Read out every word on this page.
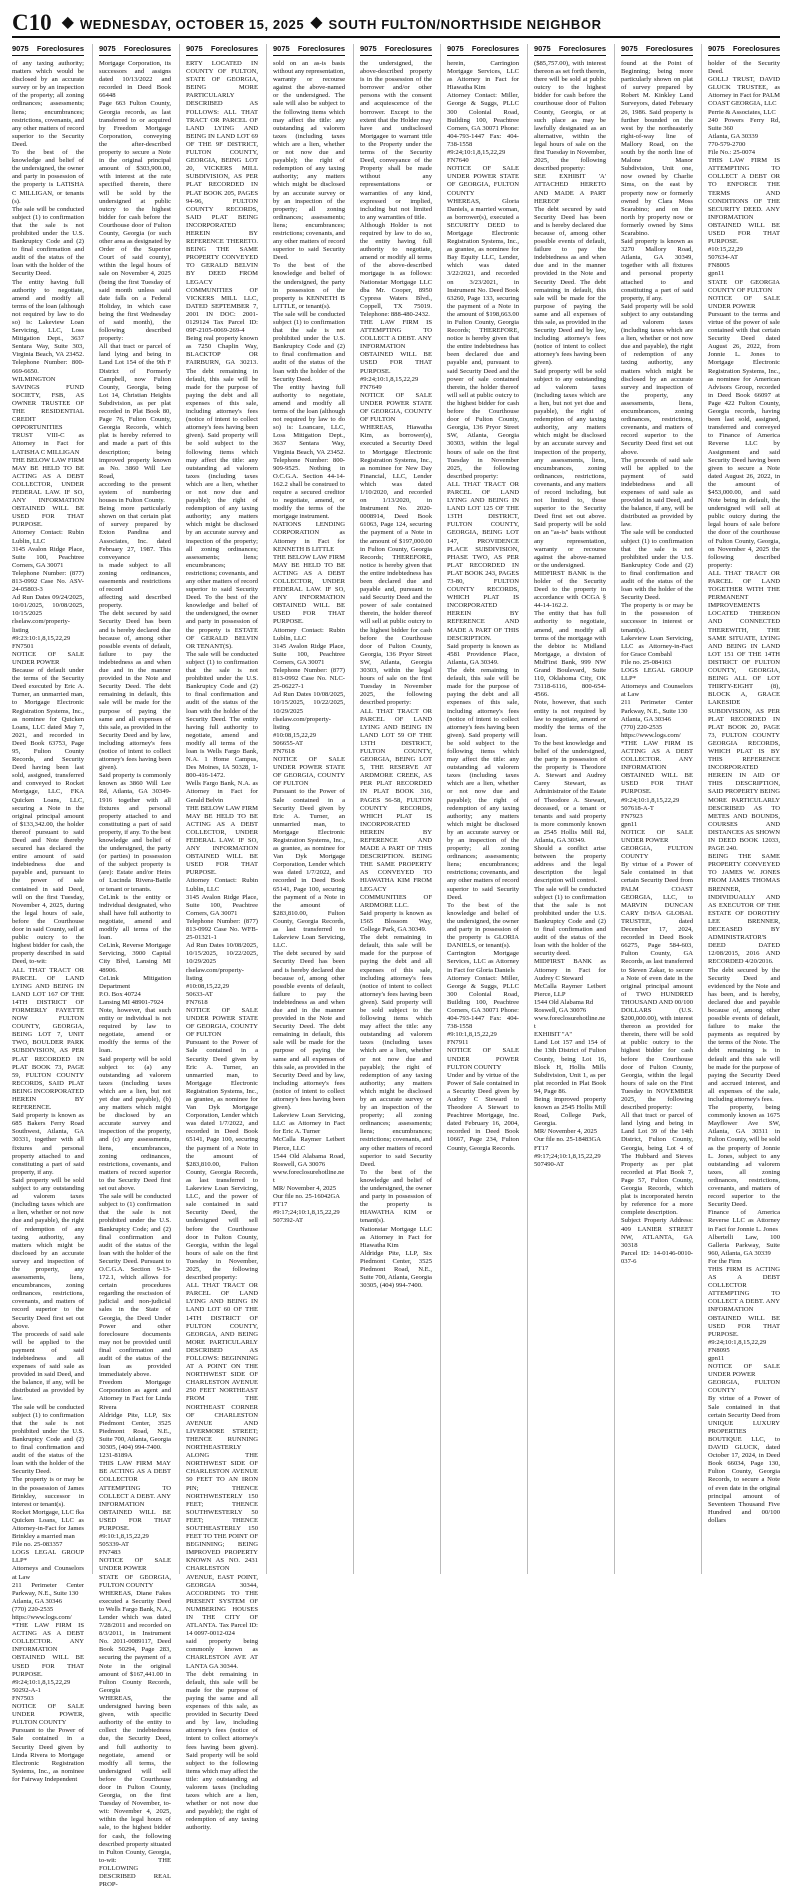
C10 ◆ WEDNESDAY, OCTOBER 15, 2025 ◆ SOUTH FULTON/NORTHSIDE NEIGHBOR
9075 Foreclosures
of any taxing authority; matters which would be disclosed by an accurate survey or by an inspection of the property; all zoning ordinances; assessments; liens; encumbrances; restrictions, covenants, and any other matters of record superior to the Security Deed.
To the best of the knowledge and belief of the undersigned, the owner and party in possession of the property is LATISHA C MILLIGAN, or tenants (s).
The sale will be conducted subject (1) to confirmation that the sale is not prohibited under the U.S. Bankruptcy Code and (2) to final confirmation and audit of the status of the loan with the holder of the Security Deed.
The entity having full authority to negotiate, amend and modify all terms of the loan (although not required by law to do so) is: Lakeview Loan Servicing, LLC, Loss Mitigation Dept., 3637 Sentara Way, Suite 303, Virginia Beach, VA 23452. Telephone Number: 800-669-6650.
WILMINGTON SAVINGS FUND SOCIETY, FSB, AS OWNER TRUSTEE OF THE RESIDENTIAL CREDIT OPPORTUNITIES TRUST VIII-C as Attorney in Fact for LATISHA C MILLIGAN
THE BELOW LAW FIRM MAY BE HELD TO BE ACTING AS A DEBT COLLECTOR, UNDER FEDERAL LAW. IF SO, ANY INFORMATION OBTAINED WILL BE USED FOR THAT PURPOSE.
Attorney Contact: Rubin Lublin, LLC
3145 Avalon Ridge Place, Suite 100, Peachtree Corners, GA 30071
Telephone Number: (877) 813-0992 Case No. ASV-24-05803-3
Ad Run Dates 09/24/2025, 10/01/2025, 10/08/2025, 10/15/2025
rlselaw.com/property-listing
#9:23:10:1,8,15,22,29
FN7501
NOTICE OF SALE UNDER POWER
Because of default under the terms of the Security Deed executed by Eric A. Turner, an unmarried man, to Mortgage Electronic Registration Systems, Inc., as nominee for Quicken Loans, LLC dated May 7, 2021, and recorded in Deed Book 63753, Page 95, Fulton County Records, and Security Deed having been last sold, assigned, transferred and conveyed to Rocket Mortgage, LLC, FKA Quicken Loans, LLC, securing a Note in the original principal amount of $133,342.00, the holder thereof pursuant to said Deed and Note thereby secured has declared the entire amount of said indebtedness due and payable and, pursuant to the power of sale contained in said Deed, will on the first Tuesday, November 4, 2025, during the legal hours of sale, before the Courthouse door in said County, sell at public outcry to the highest bidder for cash, the property described in said Deed, to-wit:
ALL THAT TRACT OR PARCEL OF LAND LYING AND BEING IN LAND LOT 167 OF THE 14TH DISTRICT OF FORMERLY FAYETTE NOW FULTON COUNTY, GEORGIA, BEING LOT 7, UNIT TWO, BOULDER PARK SUBDIVISION, AS PER PLAT RECORDED IN PLAT BOOK 73, PAGE 59, FULTON COUNTY RECORDS, SAID PLAT BEING INCORPORATED HEREIN BY REFERENCE.
Said property is known as 685 Bakers Ferry Road Southwest, Atlanta, GA 30331, together with all fixtures and personal property attached to and constituting a part of said property, if any.
Said property will be sold subject to any outstanding ad valorem taxes (including taxes which are a lien, whether or not now due and payable), the right of redemption of any taxing authority, any matters which might be disclosed by an accurate survey and inspection of the property, any assessments, liens, encumbrances, zoning ordinances, restrictions, covenants, and matters of record superior to the Security Deed first set out above.
The proceeds of said sale will be applied to the payment of said indebtedness and all expenses of said sale as provided in said Deed, and the balance, if any, will be distributed as provided by law.
The sale will be conducted subject (1) to confirmation that the sale is not prohibited under the U.S. Bankruptcy Code and (2) to final confirmation and audit of the status of the loan with the holder of the Security Deed.
The property is or may be in the possession of James Brinkley, successor in interest or tenant(s).
Rocket Mortgage, LLC fka Quicken Loans, LLC as Attorney-in-Fact for James Brinkley a married man
File no. 25-083357
LOGS LEGAL GROUP LLP*
Attorneys and Counselors at Law
211 Perimeter Center Parkway, N.E., Suite 130
Atlanta, GA 30346
(770) 220-2535
https://www.logs.com/
*THE LAW FIRM IS ACTING AS A DEBT COLLECTOR. ANY INFORMATION OBTAINED WILL BE USED FOR THAT PURPOSE.
#9:24;10:1,8,15,22,29
50292-A-1
FN7503
NOTICE OF SALE UNDER POWER, FULTON COUNTY
Pursuant to the Power of Sale contained in a Security Deed given by Linda Rivera to Mortgage Electronic Registration Systems, Inc., as nominee for Fairway Independent
9075 Foreclosures
Mortgage Corporation, its successors and assigns dated 10/13/2022 and recorded in Deed Book 66448
Page 663 Fulton County, Georgia records, as last transferred to or acquired by Freedom Mortgage Corporation, conveying the after-described property to secure a Note in the original principal amount of $303,900.00, with interest at the rate specified therein, there will be sold by the undersigned at public outcry to the highest bidder for cash before the Courthouse door of Fulton County, Georgia (or such other area as designated by Order of the Superior Court of said county), within the legal hours of sale on November 4, 2025 (being the first Tuesday of said month unless said date falls on a Federal Holiday, in which case being the first Wednesday of said month), the following described property:
All that tract or parcel of land lying and being in Land Lot 154 of the 9th F District of Formerly Campbell, now Fulton County, Georgia, being Lot 14, Christian Heights Subdivision, as per plat recorded in Plat Book 80, Page 76, Fulton County, Georgia Records, which plat is hereby referred to and made a part of this description; being improved property known as No. 3860 Will Lee Road,
according to the present system of numbering houses in Fulton County.
Being more particularly shown on that certain plat of survey prepared by Exton Pandina and Associates, Inc. dated February 27, 1987. This conveyance
is made subject to all zoning ordinances, easements and restrictions of record
affecting said described property.
The debt secured by said Security Deed has been and is hereby declared due because of, among other possible events of default, failure to pay the indebtedness as and when due and in the manner provided in the Note and Security Deed. The debt remaining in default, this sale will be made for the purpose of paying the same and all expenses of this sale, as provided in the Security Deed and by law, including attorney's fees (notice of intent to collect attorney's fees having been given).
Said property is commonly known as 3860 Will Lee Rd, Atlanta, GA 30349-1916 together with all fixtures and personal property attached to and constituting a part of said property, if any. To the best knowledge and belief of the undersigned, the party (or parties) in possession of the subject property is (are): Estate and/or Heirs of Lucinda Rivera-Battle or tenant or tenants.
CeLink is the entity or individual designated, who shall have full authority to negotiate, amend and modify all terms of the loan.
CeLink, Reverse Mortgage Servicing, 3900 Capital City Blvd, Lansing MI 48906.
CeLink Mitigation Department
P.O. Box 40724
Lansing MI 48901-7924
Note, however, that such entity or individual is not required by law to negotiate, amend or modify the terms of the loan.
Said property will be sold subject to: (a) any outstanding ad valorem taxes (including taxes which are a lien, but not yet due and payable), (b) any matters which might be disclosed by an accurate survey and inspection of the property, and (c) any assessments, liens, encumbrances, zoning ordinances, restrictions, covenants, and matters of record superior to the Security Deed first set out above.
The sale will be conducted subject to (1) confirmation that the sale is not prohibited under the U.S. Bankruptcy Code; and (2) final confirmation and audit of the status of the loan with the holder of the Security Deed. Pursuant to O.C.G.A. Section 9-13-172.1, which allows for certain procedures regarding the rescission of judicial and non-judicial sales in the State of Georgia, the Deed Under Power and other foreclosure documents may not be provided until final confirmation and audit of the status of the loan as provided immediately above.
Freedom Mortgage Corporation as agent and Attorney in Fact for Linda Rivera
Aldridge Pite, LLP, Six Piedmont Center, 3525 Piedmont Road, N.E., Suite 700, Atlanta, Georgia 30305, (404) 994-7400.
1231-8189A
THIS LAW FIRM MAY BE ACTING AS A DEBT COLLECTOR ATTEMPTING TO COLLECT A DEBT. ANY INFORMATION OBTAINED WILL BE USED FOR THAT PURPOSE.
#9:10:1,8,15,22,29
505339-AT
FN7483
NOTICE OF SALE UNDER POWER
STATE OF GEORGIA, FULTON COUNTY
WHEREAS, Diane Fakes executed a Security Deed to Wells Fargo Bank, N.A., Lender which was dated 7/28/2011 and recorded on 8/3/2011, in Instrument No. 2011-0089117, Deed Book 50294, Page 283, securing the payment of a Note in the original amount of $167,441.00 in Fulton County Records, Georgia
WHEREAS, the undersigned having been given, with specific authority of the entity to collect the indebtedness due, the Security Deed, and full authority to negotiate, amend or modify all terms, the undersigned will sell before the Courthouse door in Fulton County, Georgia, on the first Tuesday of November, to-wit: November 4, 2025, within the legal hours of sale, to the highest bidder for cash, the following described property situated in Fulton County, Georgia, to-wit: THE FOLLOWING DESCRIBED REAL PROP-
9075 Foreclosures
ERTY LOCATED IN COUNTY OF FULTON, STATE OF GEORGIA, BEING MORE PARTICULARLY DESCRIBED AS FOLLOWS: ALL THAT TRACT OR PARCEL OF LAND LYING AND BEING IN LAND LOT 69 OF THE 9F DISTRICT, FULTON COUNTY, GEORGIA, BEING LOT 20, VICKERS MILL SUBDIVISION, AS PER PLAT RECORDED IN PLAT BOOK 205, PAGES 94-96, FULTON COUNTY RECORDS, SAID PLAT BEING INCORPORATED HEREIN BY REFERENCE THERETO. BEING THE SAME PROPERTY CONVEYED TO GERALD BELVIN BY DEED FROM LEGACY COMMUNITIES OF VICKERS MILL LLC, DATED SEPTEMBER 7, 2001 IN DOC: 2001-0129124 Tax Parcel ID: 09F-2105-0069-269-4
Being real property known as 7250 Chaplin Way, BLACKTOP OR FAIRBURN, GA 30213. The debt remaining in default, this sale will be made for the purpose of paying the debt and all expenses of this sale, including attorney's fees (notice of intent to collect attorney's fees having been given). Said property will be sold subject to the following items which may affect the title: any outstanding ad valorem taxes (including taxes which are a lien, whether or not now due and payable); the right of redemption of any taxing authority; any matters which might be disclosed by an accurate survey and inspection of the property; all zoning ordinances; assessments; liens; encumbrances; restrictions; covenants, and any other matters of record superior to said Security Deed. To the best of the knowledge and belief of the undersigned, the owner and party in possession of the property is ESTATE OF GERALD BELVIN OR TENANT(S).
The sale will be conducted subject (1) to confirmation that the sale is not prohibited under the U.S. Bankruptcy Code and (2) to final confirmation and audit of the status of the loan with the holder of the Security Deed. The entity having full authority to negotiate, amend and modify all terms of the loan is Wells Fargo Bank, N.A. 1 Home Campus, Des Moines, IA 50328, 1-800-416-1472.
Wells Fargo Bank, N.A. as Attorney in Fact for Gerald Belvin
THE BELOW LAW FIRM MAY BE HELD TO BE ACTING AS A DEBT COLLECTOR, UNDER FEDERAL LAW. IF SO, ANY INFORMATION OBTAINED WILL BE USED FOR THAT PURPOSE.
Attorney Contact: Rubin Lublin, LLC
3145 Avalon Ridge Place, Suite 100, Peachtree Corners, GA 30071
Telephone Number: (877) 813-0992 Case No. WFB-25-01321-1
Ad Run Dates 10/08/2025, 10/15/2025, 10/22/2025, 10/29/2025
rlselaw.com/property-listing
#10:08,15,22,29
50633-AT
FN7618
NOTICE OF SALE UNDER POWER STATE OF GEORGIA, COUNTY OF FULTON
Pursuant to the Power of Sale contained in a Security Deed given by Eric A. Turner, an unmarried man, to Mortgage Electronic Registration Systems, Inc., as grantee, as nominee for Van Dyk Mortgage Corporation, Lender which was dated 1/7/2022, and recorded in Deed Book 65141, Page 100, securing the payment of a Note in the amount of $283,810.00, Fulton County, Georgia Records, as last transferred to Lakeview Loan Servicing, LLC, and the power of sale contained in said Security Deed, the undersigned will sell before the Courthouse door in Fulton County, Georgia, within the legal hours of sale on the first Tuesday in November, 2025, the following described property:
ALL THAT TRACT OR PARCEL OF LAND LYING AND BEING IN LAND LOT 60 OF THE 14TH DISTRICT OF FULTON COUNTY, GEORGIA, AND BEING MORE PARTICULARLY DESCRIBED AS FOLLOWS: BEGINNING AT A POINT ON THE NORTHWEST SIDE OF CHARLESTON AVENUE 250 FEET NORTHEAST FROM THE NORTHEAST CORNER OF CHARLESTON AVENUE AND LIVERMORE STREET; THENCE RUNNING NORTHEASTERLY ALONG THE NORTHWEST SIDE OF CHARLESTON AVENUE 50 FEET TO AN IRON PIN; THENCE NORTHWESTERLY 150 FEET; THENCE SOUTHWESTERLY 50 FEET; THENCE SOUTHEASTERLY 150 FEET TO THE POINT OF BEGINNING; BEING IMPROVED PROPERTY KNOWN AS NO. 2431 CHARLESTON AVENUE, EAST POINT, GEORGIA 30344, ACCORDING TO THE PRESENT SYSTEM OF NUMBERING HOUSES IN THE CITY OF ATLANTA. Tax Parcel ID: 14 0097-0012-024
said property being commonly known as CHARLESTON AVE AT LANTA GA 30344.
The debt remaining in default, this sale will be made for the purpose of paying the same and all expenses of this sale, as provided in Security Deed and by law, including attorney's fees (notice of intent to collect attorney's fees having been given). Said property will be sold subject to the following items which may affect the title: any outstanding ad valorem taxes (including taxes which are a lien, whether or not now due and payable); the right of redemption of any taxing authority.
9075 Foreclosures
sold on an as-is basis without any representation, warranty or recourse against the above-named or the undersigned. The sale will also be subject to the following items which may affect the title: any outstanding ad valorem taxes (including taxes which are a lien, whether or not now due and payable); the right of redemption of any taxing authority; any matters which might be disclosed by an accurate survey or by an inspection of the property; all zoning ordinances; assessments; liens; encumbrances; restrictions; covenants, and any other matters of record superior to said Security Deed.
To the best of the knowledge and belief of the undersigned, the party in possession of the property is KENNETH B LITTLE, or tenant(s).
The sale will be conducted subject (1) to confirmation that the sale is not prohibited under the U.S. Bankruptcy Code and (2) to final confirmation and audit of the status of the loan with the holder of the Security Deed.
The entity having full authority to negotiate, amend and modify all terms of the loan (although not required by law to do so) is: Loancare, LLC, Loss Mitigation Dept., 3637 Sentara Way, Virginia Beach, VA 23452. Telephone Number: 800-909-9525. Nothing in O.C.G.A. Section 44-14-162.2 shall be construed to require a secured creditor to negotiate, amend, or modify the terms of the mortgage instrument.
NATIONS LENDING CORPORATION as Attorney in Fact for KENNETH B LITTLE
THE BELOW LAW FIRM MAY BE HELD TO BE ACTING AS A DEBT COLLECTOR, UNDER FEDERAL LAW. IF SO, ANY INFORMATION OBTAINED WILL BE USED FOR THAT PURPOSE.
Attorney Contact: Rubin Lublin, LLC
3145 Avalon Ridge Place, Suite 100, Peachtree Corners, GA 30071
Telephone Number: (877) 813-0992 Case No. NLC-25-06227-1
Ad Run Dates 10/08/2025, 10/15/2025, 10/22/2025, 10/29/2025
rlselaw.com/property-listing
#10:08,15,22,29
506655-AT
FN7618
NOTICE OF SALE UNDER POWER STATE OF GEORGIA, COUNTY OF FULTON
Pursuant to the Power of Sale contained in a Security Deed given by Eric A. Turner, an unmarried man, to Mortgage Electronic Registration Systems, Inc., as grantee, as nominee for Van Dyk Mortgage Corporation, Lender which was dated 1/7/2022, and recorded in Deed Book 65141, Page 100, securing the payment of a Note in the amount of $283,810.00, Fulton County, Georgia Records, as last transferred to Lakeview Loan Servicing, LLC.
The debt secured by said Security Deed has been and is hereby declared due because of, among other possible events of default, failure to pay the indebtedness as and when due and in the manner provided in the Note and Security Deed. The debt remaining in default, this sale will be made for the purpose of paying the same and all expenses of this sale, as provided in the Security Deed and by law, including attorney's fees (notice of intent to collect attorney's fees having been given).
Lakeview Loan Servicing, LLC as Attorney in Fact for Eric A. Turner
McCalla Raymer Leibert Pierce, LLC
1544 Old Alabama Road, Roswell, GA 30076
www.foreclosurehotline.net
MR/ November 4, 2025
Our file no. 25-16042GA
FT17
#9:17;24;10:1,8,15,22,29
507392-AT
9075 Foreclosures
the undersigned, the above-described property is in the possession of the borrower and/or other persons with the consent and acquiescence of the borrower. Except to the extent that the Holder may have and undisclosed Mortgagee to warrant title to the Property under the terms of the Security Deed, conveyance of the Property shall be made without any representations or warranties of any kind, expressed or implied, including but not limited to any warranties of title.
Although Holder is not required by law to do so, the entity having full authority to negotiate, amend or modify all terms of the above-described mortgage is as follows: Nationstar Mortgage LLC dba Mr. Cooper, 8950 Cypress Waters Blvd., Coppell, TX 75019. Telephone: 888-480-2432.
THE LAW FIRM IS ATTEMPTING TO COLLECT A DEBT. ANY INFORMATION OBTAINED WILL BE USED FOR THAT PURPOSE.
#9:24;10:1,8,15,22,29
FN7649
NOTICE OF SALE UNDER POWER STATE OF GEORGIA, COUNTY OF FULTON
WHEREAS, Hiawatha Kim, as borrower(s), executed a Security Deed to Mortgage Electronic Registration Systems, Inc., as nominee for New Day Financial, LLC, Lender which was dated 1/10/2020, and recorded on 1/13/2020, in Instrument No. 2020-0008914, Deed Book 61063, Page 124, securing the payment of a Note in the amount of $197,000.00 in Fulton County, Georgia Records; THEREFORE, notice is hereby given that the entire indebtedness has been declared due and payable and, pursuant to said Security Deed and the power of sale contained therein, the holder thereof will sell at public outcry to the highest bidder for cash before the Courthouse door of Fulton County, Georgia, 136 Pryor Street SW, Atlanta, Georgia 30303, within the legal hours of sale on the first Tuesday in November 2025, the following described property:
ALL THAT TRACT OR PARCEL OF LAND LYING AND BEING IN LAND LOT 59 OF THE 13TH DISTRICT, FULTON COUNTY, GEORGIA, BEING LOT 5, THE RESERVE AT ARDMORE CREEK, AS PER PLAT RECORDED IN PLAT BOOK 316, PAGES 56-58, FULTON COUNTY RECORDS, WHICH PLAT IS INCORPORATED HEREIN BY REFERENCE AND MADE A PART OF THIS DESCRIPTION. BEING THE SAME PROPERTY AS CONVEYED TO HIAWATHA KIM FROM LEGACY COMMUNITIES OF ARDMORE LLC.
Said property is known as 1565 Blossom Way, College Park, GA 30349.
The debt remaining in default, this sale will be made for the purpose of paying the debt and all expenses of this sale, including attorney's fees (notice of intent to collect attorney's fees having been given). Said property will be sold subject to the following items which may affect the title: any outstanding ad valorem taxes (including taxes which are a lien, whether or not now due and payable); the right of redemption of any taxing authority; any matters which might be disclosed by an accurate survey or by an inspection of the property; all zoning ordinances; assessments; liens; encumbrances; restrictions; covenants, and any other matters of record superior to said Security Deed.
To the best of the knowledge and belief of the undersigned, the owner and party in possession of the property is HIAWATHA KIM or tenant(s).
Nationstar Mortgage LLC as Attorney in Fact for Hiawatha Kim
Aldridge Pite, LLP, Six Piedmont Center, 3525 Piedmont Road, N.E., Suite 700, Atlanta, Georgia 30305, (404) 994-7400.
9075 Foreclosures
herein, Carrington Mortgage Services, LLC as Attorney in Fact for Hiawatha Kim
Attorney Contact: Miller, George & Suggs, PLLC 300 Colonial Road, Building 100, Peachtree Corners, GA 30071 Phone: 404-793-1447 Fax: 404-738-1558
#9:24;10:1,8,15,22,29
FN7640
NOTICE OF SALE UNDER POWER STATE OF GEORGIA, FULTON COUNTY
WHEREAS, Gloria Daniels, a married woman, as borrower(s), executed a SECURITY DEED to Mortgage Electronic Registration Systems, Inc., as grantee, as nominee for Bay Equity LLC, Lender, which was dated 3/22/2021, and recorded on 3/23/2021, in Instrument No. Deed Book 63260, Page 133, securing the payment of a Note in the amount of $198,663.00 in Fulton County, Georgia Records; THEREFORE, notice is hereby given that the entire indebtedness has been declared due and payable and, pursuant to said Security Deed and the power of sale contained therein, the holder thereof will sell at public outcry to the highest bidder for cash before the Courthouse door of Fulton County, Georgia, 136 Pryor Street SW, Atlanta, Georgia 30303, within the legal hours of sale on the first Tuesday in November 2025, the following described property:
ALL THAT TRACT OR PARCEL OF LAND LYING AND BEING IN LAND LOT 125 OF THE 13TH DISTRICT, FULTON COUNTY, GEORGIA, BEING LOT 147, PROVIDENCE PLACE SUBDIVISION, PHASE TWO, AS PER PLAT RECORDED IN PLAT BOOK 243, PAGES 73-80, FULTON COUNTY RECORDS, WHICH PLAT IS INCORPORATED HEREIN BY REFERENCE AND MADE A PART OF THIS DESCRIPTION.
Said property is known as 4581 Providence Place, Atlanta, GA 30349.
The debt remaining in default, this sale will be made for the purpose of paying the debt and all expenses of this sale, including attorney's fees (notice of intent to collect attorney's fees having been given). Said property will be sold subject to the following items which may affect the title: any outstanding ad valorem taxes (including taxes which are a lien, whether or not now due and payable); the right of redemption of any taxing authority; any matters which might be disclosed by an accurate survey or by an inspection of the property; all zoning ordinances; assessments; liens; encumbrances; restrictions; covenants, and any other matters of record superior to said Security Deed.
To the best of the knowledge and belief of the undersigned, the owner and party in possession of the property is GLORIA DANIELS, or tenant(s).
Carrington Mortgage Services, LLC as Attorney in Fact for Gloria Daniels
Attorney Contact: Miller, George & Suggs, PLLC 300 Colonial Road, Building 100, Peachtree Corners, GA 30071 Phone: 404-793-1447 Fax: 404-738-1558
#9:10:1,8,15,22,29
FN7911
NOTICE OF SALE UNDER POWER FULTON COUNTY
Under and by virtue of the Power of Sale contained in a Security Deed given by Audrey C Steward to Theodore A Stewart to Peachtree Mortgage, Inc. dated February 16, 2004, recorded in Deed Book 10667, Page 234, Fulton County, Georgia Records.
9075 Foreclosures
($85,757.00), with interest thereon as set forth therein, there will be sold at public outcry to the highest bidder for cash before the courthouse door of Fulton County, Georgia, or at such place as may be lawfully designated as an alternative, within the legal hours of sale on the first Tuesday in November, 2025, the following described property:
SEE EXHIBIT 'A' ATTACHED HERETO AND MADE A PART HEREOF
The debt secured by said Security Deed has been and is hereby declared due because of, among other possible events of default, failure to pay the indebtedness as and when due and in the manner provided in the Note and Security Deed. The debt remaining in default, this sale will be made for the purpose of paying the same and all expenses of this sale, as provided in the Security Deed and by law, including attorney's fees (notice of intent to collect attorney's fees having been given).
Said property will be sold subject to any outstanding ad valorem taxes (including taxes which are a lien, but not yet due and payable), the right of redemption of any taxing authority, any matters which might be disclosed by an accurate survey and inspection of the property, any assessments, liens, encumbrances, zoning ordinances, restrictions, covenants, and any matters of record including, but not limited to, those superior to the Security Deed first set out above. Said property will be sold on an "as-is" basis without any representation, warranty or recourse against the above-named or the undersigned.
MIDFIRST BANK is the holder of the Security Deed to the property in accordance with OCGA § 44-14-162.2.
The entity that has full authority to negotiate, amend, and modify all terms of the mortgage with the debtor is: Midland Mortgage, a division of MidFirst Bank, 999 NW Grand Boulevard, Suite 110, Oklahoma City, OK 73118-6116, 800-654-4566.
Note, however, that such entity is not required by law to negotiate, amend or modify the terms of the loan.
To the best knowledge and belief of the undersigned, the party in possession of the property is Theodore A. Stewart and Audrey Carey Stewart, as Administrator of the Estate of Theodore A. Stewart, deceased, or a tenant or tenants and said property is more commonly known as 2545 Hollis Mill Rd, Atlanta, GA 30349.
Should a conflict arise between the property address and the legal description the legal description will control.
The sale will be conducted subject (1) to confirmation that the sale is not prohibited under the U.S. Bankruptcy Code and (2) to final confirmation and audit of the status of the loan with the holder of the security deed.
MIDFIRST BANK as Attorney in Fact for Audrey C Steward
McCalla Raymer Leibert Pierce, LLP
1544 Old Alabama Rd
Roswell, GA 30076
www.foreclosurehotline.net
EXHIBIT "A"
Land Lot 157 and 154 of the 13th District of Fulton County, being Lot 16, Block H, Hollis Mills Subdivision, Unit 1, as per plat recorded in Plat Book 94, Page 86.
Being improved property known as 2545 Hollis Mill Road, College Park, Georgia.
MR/ November 4, 2025
Our file no. 25-18483GA
FT17
#9:17;24;10:1,8,15,22,29
507490-AT
9075 Foreclosures
found at the Point of Beginning; being more particularly shown on plat of survey prepared by Robert M. Kinkley Land Surveyors, dated February 26, 1986. Said property is further bounded on the west by the northeasterly right-of-way line of Mallory Road, on the south by the north line of Malone Manor Subdivision, Unit one, now owned by Charlie Sims, on the east by property now or formerly owned by Clara Moss Scarabino; and on the north by property now or formerly owned by Sims Scarabino.
Said property is known as 3270 Mallory Road, Atlanta, GA 30349, together with all fixtures and personal property attached to and constituting a part of said property, if any.
Said property will be sold subject to any outstanding ad valorem taxes (including taxes which are a lien, whether or not now due and payable), the right of redemption of any taxing authority, any matters which might be disclosed by an accurate survey and inspection of the property, any assessments, liens, encumbrances, zoning ordinances, restrictions, covenants, and matters of record superior to the Security Deed first set out above.
The proceeds of said sale will be applied to the payment of said indebtedness and all expenses of said sale as provided in said Deed, and the balance, if any, will be distributed as provided by law.
The sale will be conducted subject (1) to confirmation that the sale is not prohibited under the U.S. Bankruptcy Code and (2) to final confirmation and audit of the status of the loan with the holder of the Security Deed.
The property is or may be in the possession of successor in interest or tenant(s).
Lakeview Loan Servicing, LLC as Attorney-in-Fact for Grace Combahl
File no. 25-084163
LOGS LEGAL GROUP LLP*
Attorneys and Counselors at Law
211 Perimeter Center Parkway, N.E., Suite 130
Atlanta, GA 30346
(770) 220-2535
https://www.logs.com/
*THE LAW FIRM IS ACTING AS A DEBT COLLECTOR. ANY INFORMATION OBTAINED WILL BE USED FOR THAT PURPOSE.
#9:24;10:1,8,15,22,29
507618-A-T
FN7923
gpn11
NOTICE OF SALE UNDER POWER
GEORGIA, FULTON COUNTY
By virtue of a Power of Sale contained in that certain Security Deed from PALM COAST GEORGIA, LLC, to MARVIN DUNCAN CARY D/B/A GLOBAL TRUSTEE, dated December 17, 2024, recorded in Deed Book 66275, Page 584-603, Fulton County, GA Records, as last transferred to Steven Zakar, to secure a Note of even date in the original principal amount of TWO HUNDRED THOUSAND AND 00/100 DOLLARS (U.S. $200,000.00), with interest thereon as provided for therein, there will be sold at public outcry to the highest bidder for cash before the Courthouse door of Fulton County, Georgia, within the legal hours of sale on the First Tuesday in NOVEMBER 2025, the following described property:
All that tract or parcel of land lying and being in Land Lot 39 of the 14th District, Fulton County, Georgia, being Lot 4 of The Hubbard and Steves Property as per plat recorded at Plat Book 7, Page 57, Fulton County, Georgia Records, which plat is incorporated herein by reference for a more complete description.
Subject Property Address: 409 LANIER STREET NW, ATLANTA, GA 30318
Parcel ID: 14-0146-0010-037-6
9075 Foreclosures
holder of the Security Deed.
GOLLJ TRUST, DAVID GLUCK TRUSTEE, as Attorney in Fact for PALM COAST GEORGIA, LLC
Perrie & Associates, LLC
240 Powers Ferry Rd, Suite 360
Atlanta, GA 30339
770-579-2700
File No.: 25-0074
THIS LAW FIRM IS ATTEMPTING TO COLLECT A DEBT OR TO ENFORCE THE TERMS AND CONDITIONS OF THE SECURITY DEED. ANY INFORMATION OBTAINED WILL BE USED FOR THAT PURPOSE.
#10:15,22,29
507634-AT
FN8005
gpn11
STATE OF GEORGIA COUNTY OF FULTON
NOTICE OF SALE UNDER POWER
Pursuant to the terms and virtue of the power of sale contained with that certain Security Deed dated August 26, 2022, from Jonnie L. Jones to Mortgage Electronic Registration Systems, Inc., as nominee for American Advisors Group, recorded in Deed Book 66097 at Page 422 Fulton County, Georgia records, having been last sold, assigned, transferred and conveyed to Finance of America Reverse LLC by Assignment and said Security Deed having been given to secure a Note dated August 26, 2022, in the amount of $453,000.00, and said Note being in default, the undersigned will sell at public outcry during the legal hours of sale before the door of the courthouse of Fulton County, Georgia, on November 4, 2025 the following described property:
ALL THAT TRACT OR PARCEL OF LAND TOGETHER WITH THE PERMANENT IMPROVEMENTS LOCATED THEREON AND CONNECTED THEREWITH, THE SAME SITUATE, LYING AND BEING IN LAND LOT 151 OF THE 14TH DISTRICT OF FULTON COUNTY, GEORGIA, BEING ALL OF LOT THIRTY-EIGHT (8), BLOCK A, GRACE LAKESIDE SUBDIVISION, AS PER PLAT RECORDED IN PLAT BOOK 20, PAGE 73, FULTON COUNTY GEORGIA RECORDS, WHICH PLAT IS BY THIS REFERENCE INCORPORATED HEREIN IN AID OF THIS DESCRIPTION, SAID PROPERTY BEING MORE PARTICULARLY DESCRIBED AS TO METES AND BOUNDS, COURSES AND DISTANCES AS SHOWN IN DEED BOOK 12033, PAGE 240.
BEING THE SAME PROPERTY CONVEYED TO JAMES W. JONES FROM JAMES THOMAS BRENNER, INDIVIDUALLY AND AS EXECUTOR OF THE ESTATE OF DOROTHY LEE BRENNER, DECEASED BY ADMINISTRATOR'S DEED DATED 12/08/2015, 2016 AND RECORDED 4/20/2016.
The debt secured by the Security Deed and evidenced by the Note and has been, and is hereby, declared due and payable because of, among other possible events of default, failure to make the payments as required by the terms of the Note. The debt remaining is in default and this sale will be made for the purpose of paying the Security Deed and accrued interest, and all expenses of the sale, including attorney's fees.
The property, being commonly known as 1675 Mayflower Ave SW, Atlanta, GA 30311 in Fulton County, will be sold as the property of Jonnie L. Jones, subject to any outstanding ad valorem taxes, all zoning ordinances, restrictions, covenants, and matters of record superior to the Security Deed.
Finance of America Reverse LLC as Attorney in Fact for Jonnie L. Jones
Albertelli Law, 100 Galleria Parkway, Suite 960, Atlanta, GA 30339
For the Firm
THIS FIRM IS ACTING AS A DEBT COLLECTOR ATTEMPTING TO COLLECT A DEBT. ANY INFORMATION OBTAINED WILL BE USED FOR THAT PURPOSE.
#9:24;10:1,8,15,22,29
FN8095
gpn11
NOTICE OF SALE UNDER POWER
GEORGIA, FULTON COUNTY
By virtue of a Power of Sale contained in that certain Security Deed from UNIQUE LUXURY PROPERTIES BOUTIQUE LLC, to DAVID GLUCK, dated October 17, 2024, in Deed Book 66034, Page 130, Fulton County, Georgia Records, to secure a Note of even date in the original principal amount of Seventeen Thousand Five Hundred and 00/100 dollars
